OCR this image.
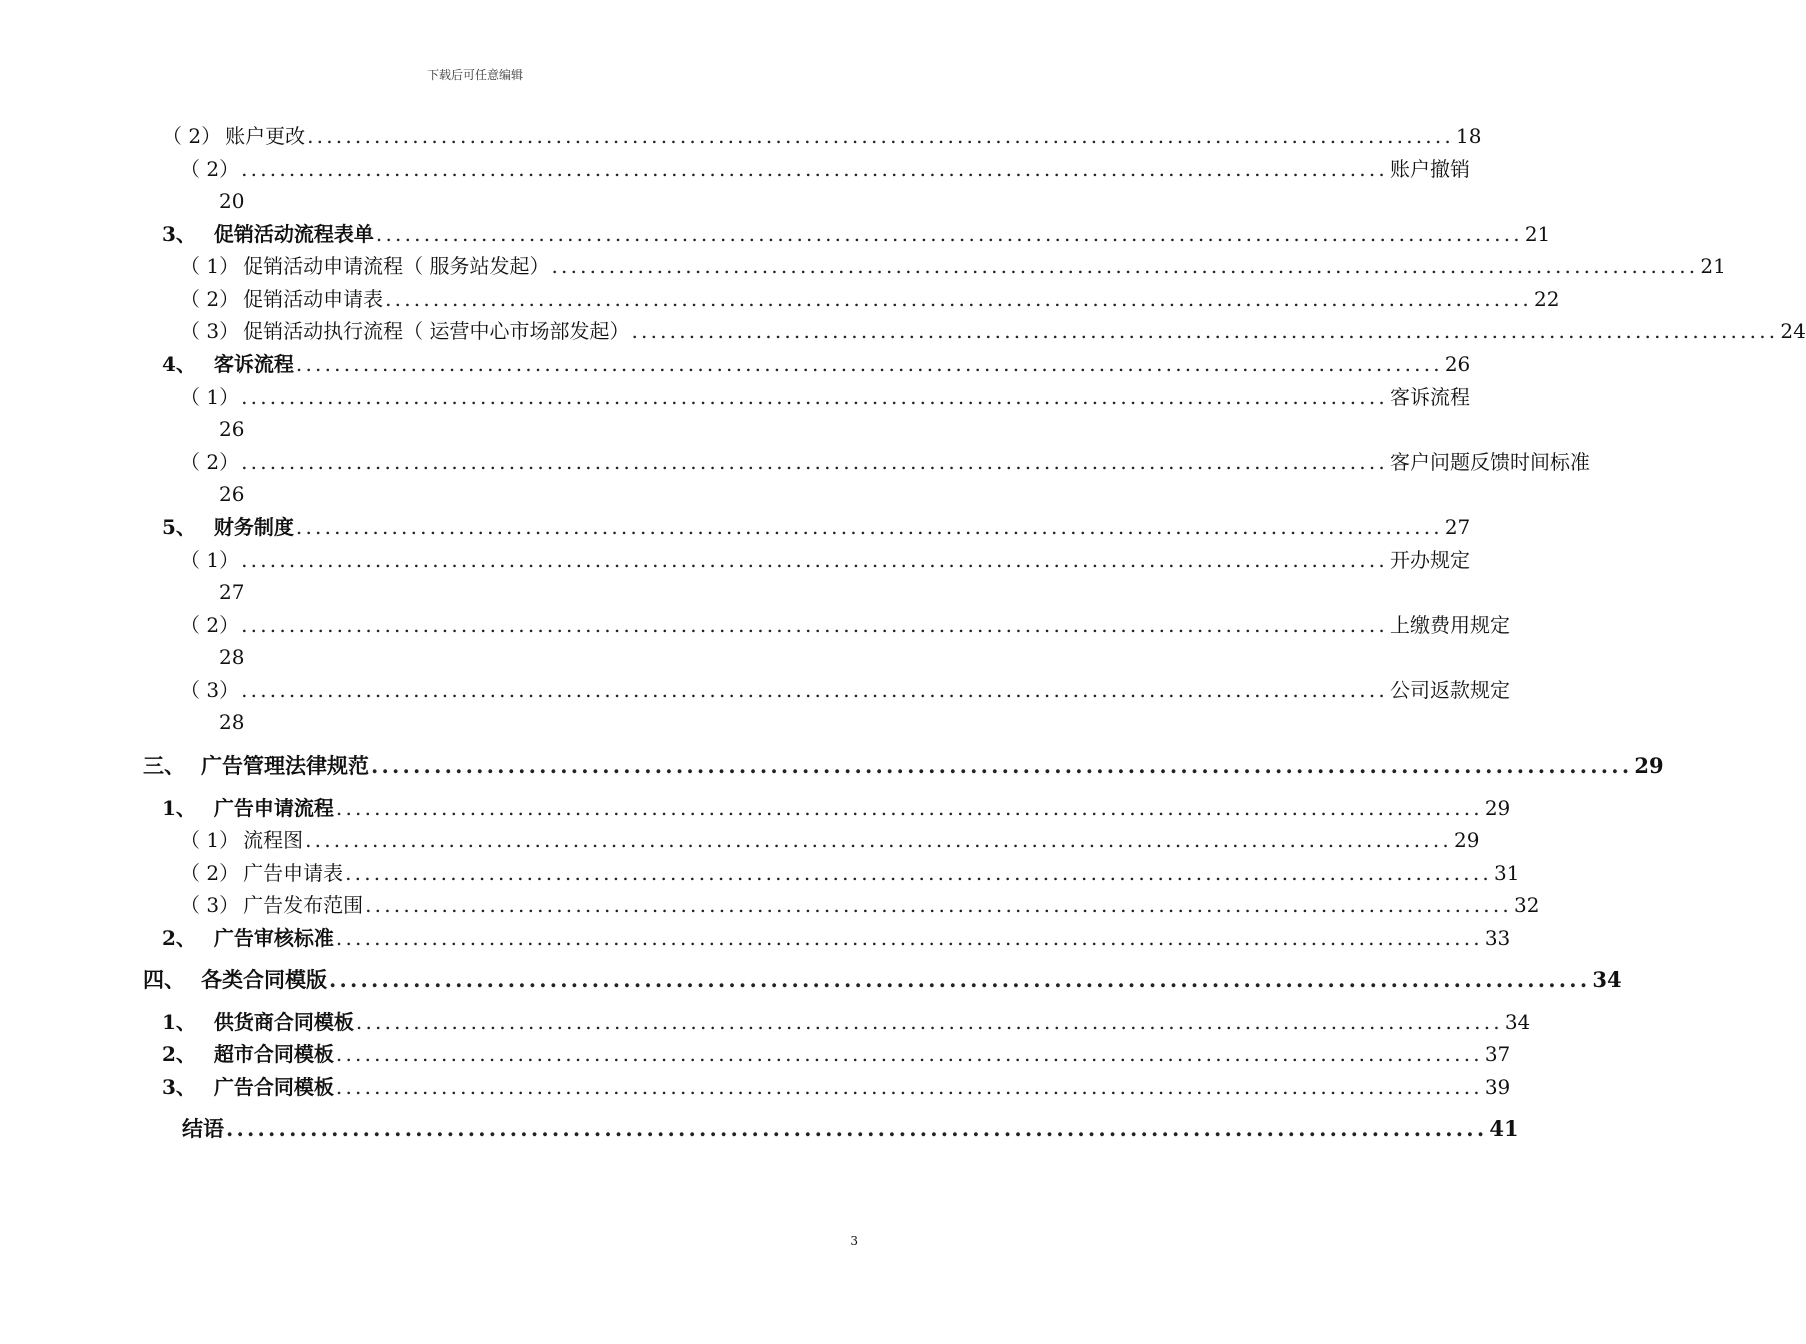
下载后可任意编辑
（ 2） 账户更改 ........................................................................................................................ 18
（ 2） ........................................................................................................................ 账户撤销
20
3、 促销活动流程表单 ........................................................................................................................ 21
（ 1） 促销活动申请流程（ 服务站发起） ........................................................................................................................ 21
（ 2） 促销活动申请表 ........................................................................................................................ 22
（ 3） 促销活动执行流程（ 运营中心市场部发起） ........................................................................................................................ 24
4、 客诉流程 ........................................................................................................................ 26
（ 1） ........................................................................................................................ 客诉流程
26
（ 2） ........................................................................................................................ 客户问题反馈时间标准
26
5、 财务制度 ........................................................................................................................ 27
（ 1） ........................................................................................................................ 开办规定
27
（ 2） ........................................................................................................................ 上缴费用规定
28
（ 3） ........................................................................................................................ 公司返款规定
28
三、 广告管理法律规范 ........................................................................................................................ 29
1、 广告申请流程 ........................................................................................................................ 29
（ 1） 流程图 ........................................................................................................................ 29
（ 2） 广告申请表 ........................................................................................................................ 31
（ 3） 广告发布范围 ........................................................................................................................ 32
2、 广告审核标准 ........................................................................................................................ 33
四、 各类合同模版 ........................................................................................................................ 34
1、 供货商合同模板 ........................................................................................................................ 34
2、 超市合同模板 ........................................................................................................................ 37
3、 广告合同模板 ........................................................................................................................ 39
结语 ........................................................................................................................ 41
3
